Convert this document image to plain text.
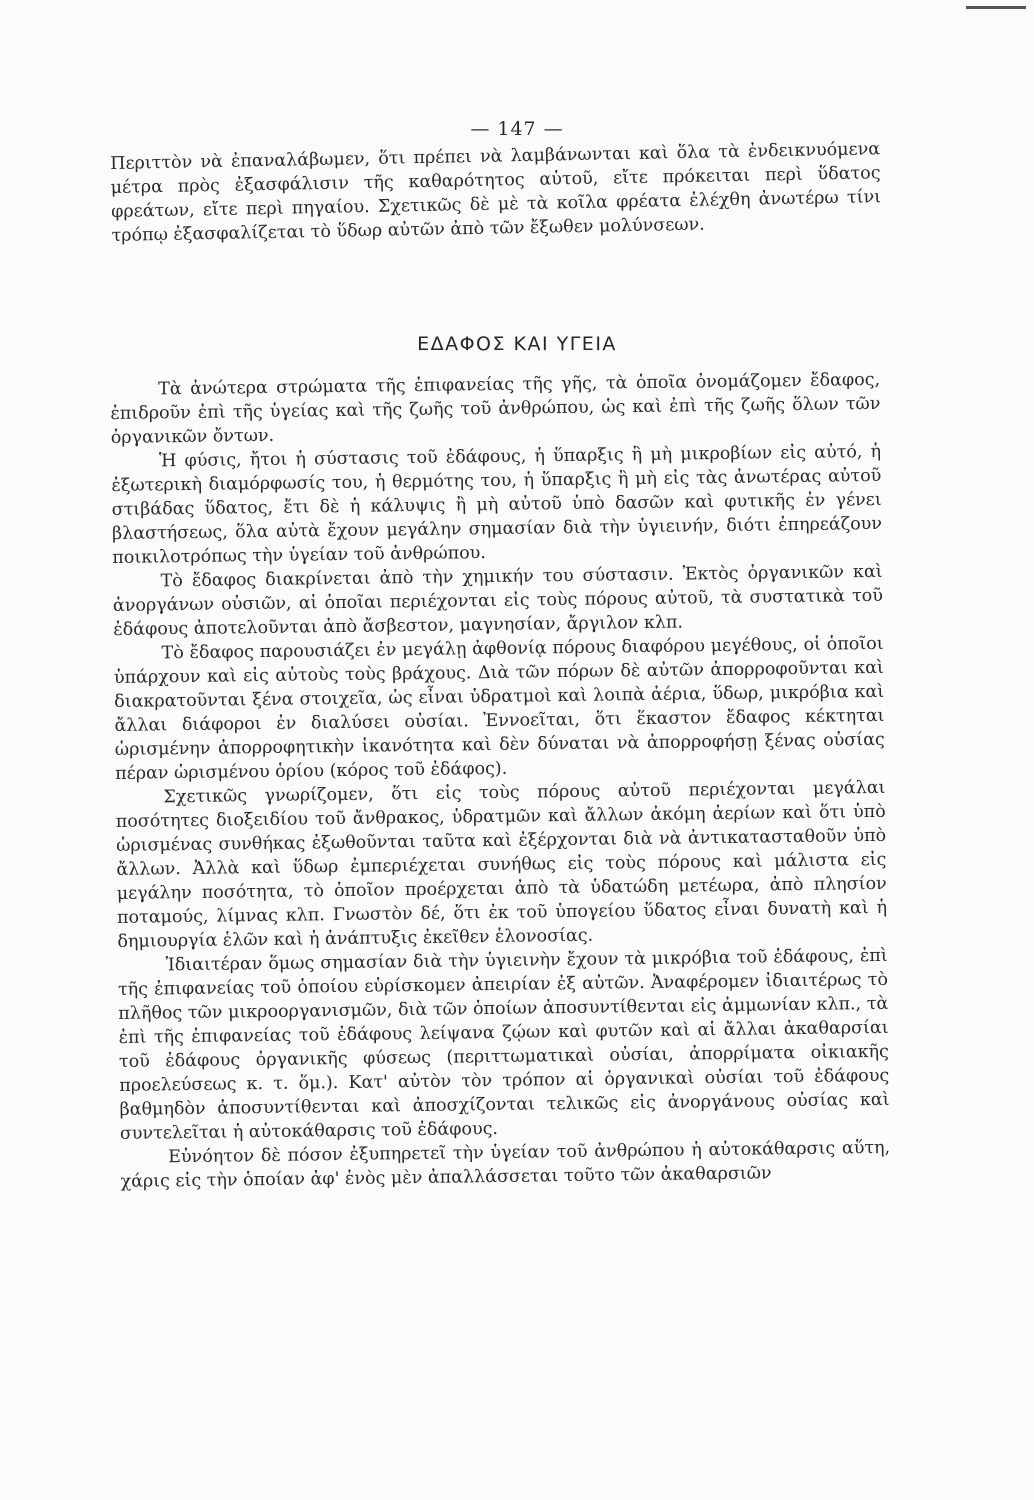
— 147 —

Περιττὸν νὰ ἐπαναλάβωμεν, ὅτι πρέπει νὰ λαμβάνωνται καὶ ὅλα τὰ ἐνδεικνυόμενα μέτρα πρὸς ἐξασφάλισιν τῆς καθαρότητος αὐτοῦ, εἴτε πρόκειται περὶ ὕδατος φρεάτων, εἴτε περὶ πηγαίου. Σχετικῶς δὲ μὲ τὰ κοῖλα φρέατα ἐλέχθη ἀνωτέρω τίνι τρόπῳ ἐξασφαλίζεται τὸ ὕδωρ αὐτῶν ἀπὸ τῶν ἔξωθεν μολύνσεων.

ΕΔΑΦΟΣ ΚΑΙ ΥΓΕΙΑ

Τὰ ἀνώτερα στρώματα τῆς ἐπιφανείας τῆς γῆς, τὰ ὁποῖα ὀνομάζομεν ἔδαφος, ἐπιδροῦν ἐπὶ τῆς ὑγείας καὶ τῆς ζωῆς τοῦ ἀνθρώπου, ὡς καὶ ἐπὶ τῆς ζωῆς ὅλων τῶν ὀργανικῶν ὄντων.

Ἡ φύσις, ἤτοι ἡ σύστασις τοῦ ἐδάφους, ἡ ὕπαρξις ἢ μὴ μικροβίων εἰς αὐτό, ἡ ἐξωτερικὴ διαμόρφωσίς του, ἡ θερμότης του, ἡ ὕπαρξις ἢ μὴ εἰς τὰς ἀνωτέρας αὐτοῦ στιβάδας ὕδατος, ἔτι δὲ ἡ κάλυψις ἢ μὴ αὐτοῦ ὑπὸ δασῶν καὶ φυτικῆς ἐν γένει βλαστήσεως, ὅλα αὐτὰ ἔχουν μεγάλην σημασίαν διὰ τὴν ὑγιεινήν, διότι ἐπηρεάζουν ποικιλοτρόπως τὴν ὑγείαν τοῦ ἀνθρώπου.

Τὸ ἔδαφος διακρίνεται ἀπὸ τὴν χημικήν του σύστασιν. Ἐκτὸς ὀργανικῶν καὶ ἀνοργάνων οὐσιῶν, αἱ ὁποῖαι περιέχονται εἰς τοὺς πόρους αὐτοῦ, τὰ συστατικὰ τοῦ ἐδάφους ἀποτελοῦνται ἀπὸ ἄσβεστον, μαγνησίαν, ἄργιλον κλπ.

Τὸ ἔδαφος παρουσιάζει ἐν μεγάλῃ ἀφθονίᾳ πόρους διαφόρου μεγέθους, οἱ ὁποῖοι ὑπάρχουν καὶ εἰς αὐτοὺς τοὺς βράχους. Διὰ τῶν πόρων δὲ αὐτῶν ἀπορροφοῦνται καὶ διακρατοῦνται ξένα στοιχεῖα, ὡς εἶναι ὑδρατμοὶ καὶ λοιπὰ ἀέρια, ὕδωρ, μικρόβια καὶ ἄλλαι διάφοροι ἐν διαλύσει οὐσίαι. Ἐννοεῖται, ὅτι ἕκαστον ἔδαφος κέκτηται ὡρισμένην ἀπορροφητικὴν ἱκανότητα καὶ δὲν δύναται νὰ ἀπορροφήσῃ ξένας οὐσίας πέραν ὡρισμένου ὁρίου (κόρος τοῦ ἐδάφος).

Σχετικῶς γνωρίζομεν, ὅτι εἰς τοὺς πόρους αὐτοῦ περιέχονται μεγάλαι ποσότητες διοξειδίου τοῦ ἄνθρακος, ὑδρατμῶν καὶ ἄλλων ἀκόμη ἀερίων καὶ ὅτι ὑπὸ ὡρισμένας συνθήκας ἐξωθοῦνται ταῦτα καὶ ἐξέρχονται διὰ νὰ ἀντικατασταθοῦν ὑπὸ ἄλλων. Ἀλλὰ καὶ ὕδωρ ἐμπεριέχεται συνήθως εἰς τοὺς πόρους καὶ μάλιστα εἰς μεγάλην ποσότητα, τὸ ὁποῖον προέρχεται ἀπὸ τὰ ὑδατώδη μετέωρα, ἀπὸ πλησίον ποταμούς, λίμνας κλπ. Γνωστὸν δέ, ὅτι ἐκ τοῦ ὑπογείου ὕδατος εἶναι δυνατὴ καὶ ἡ δημιουργία ἑλῶν καὶ ἡ ἀνάπτυξις ἐκεῖθεν ἑλονοσίας.

Ἰδιαιτέραν ὅμως σημασίαν διὰ τὴν ὑγιεινὴν ἔχουν τὰ μικρόβια τοῦ ἐδάφους, ἐπὶ τῆς ἐπιφανείας τοῦ ὁποίου εὑρίσκομεν ἀπειρίαν ἐξ αὐτῶν. Ἀναφέρομεν ἰδιαιτέρως τὸ πλῆθος τῶν μικροοργανισμῶν, διὰ τῶν ὁποίων ἀποσυντίθενται εἰς ἀμμωνίαν κλπ., τὰ ἐπὶ τῆς ἐπιφανείας τοῦ ἐδάφους λείψανα ζῴων καὶ φυτῶν καὶ αἱ ἄλλαι ἀκαθαρσίαι τοῦ ἐδάφους ὀργανικῆς φύσεως (περιττωματικαὶ οὐσίαι, ἀπορρίματα οἰκιακῆς προελεύσεως κ. τ. ὅμ.). Κατ' αὐτὸν τὸν τρόπον αἱ ὀργανικαὶ οὐσίαι τοῦ ἐδάφους βαθμηδὸν ἀποσυντίθενται καὶ ἀποσχίζονται τελικῶς εἰς ἀνοργάνους οὐσίας καὶ συντελεῖται ἡ αὐτοκάθαρσις τοῦ ἐδάφους.

Εὐνόητον δὲ πόσον ἐξυπηρετεῖ τὴν ὑγείαν τοῦ ἀνθρώπου ἡ αὐτοκάθαρσις αὕτη, χάρις εἰς τὴν ὁποίαν ἀφ' ἑνὸς μὲν ἀπαλλάσσεται τοῦτο τῶν ἀκαθαρσιῶν
